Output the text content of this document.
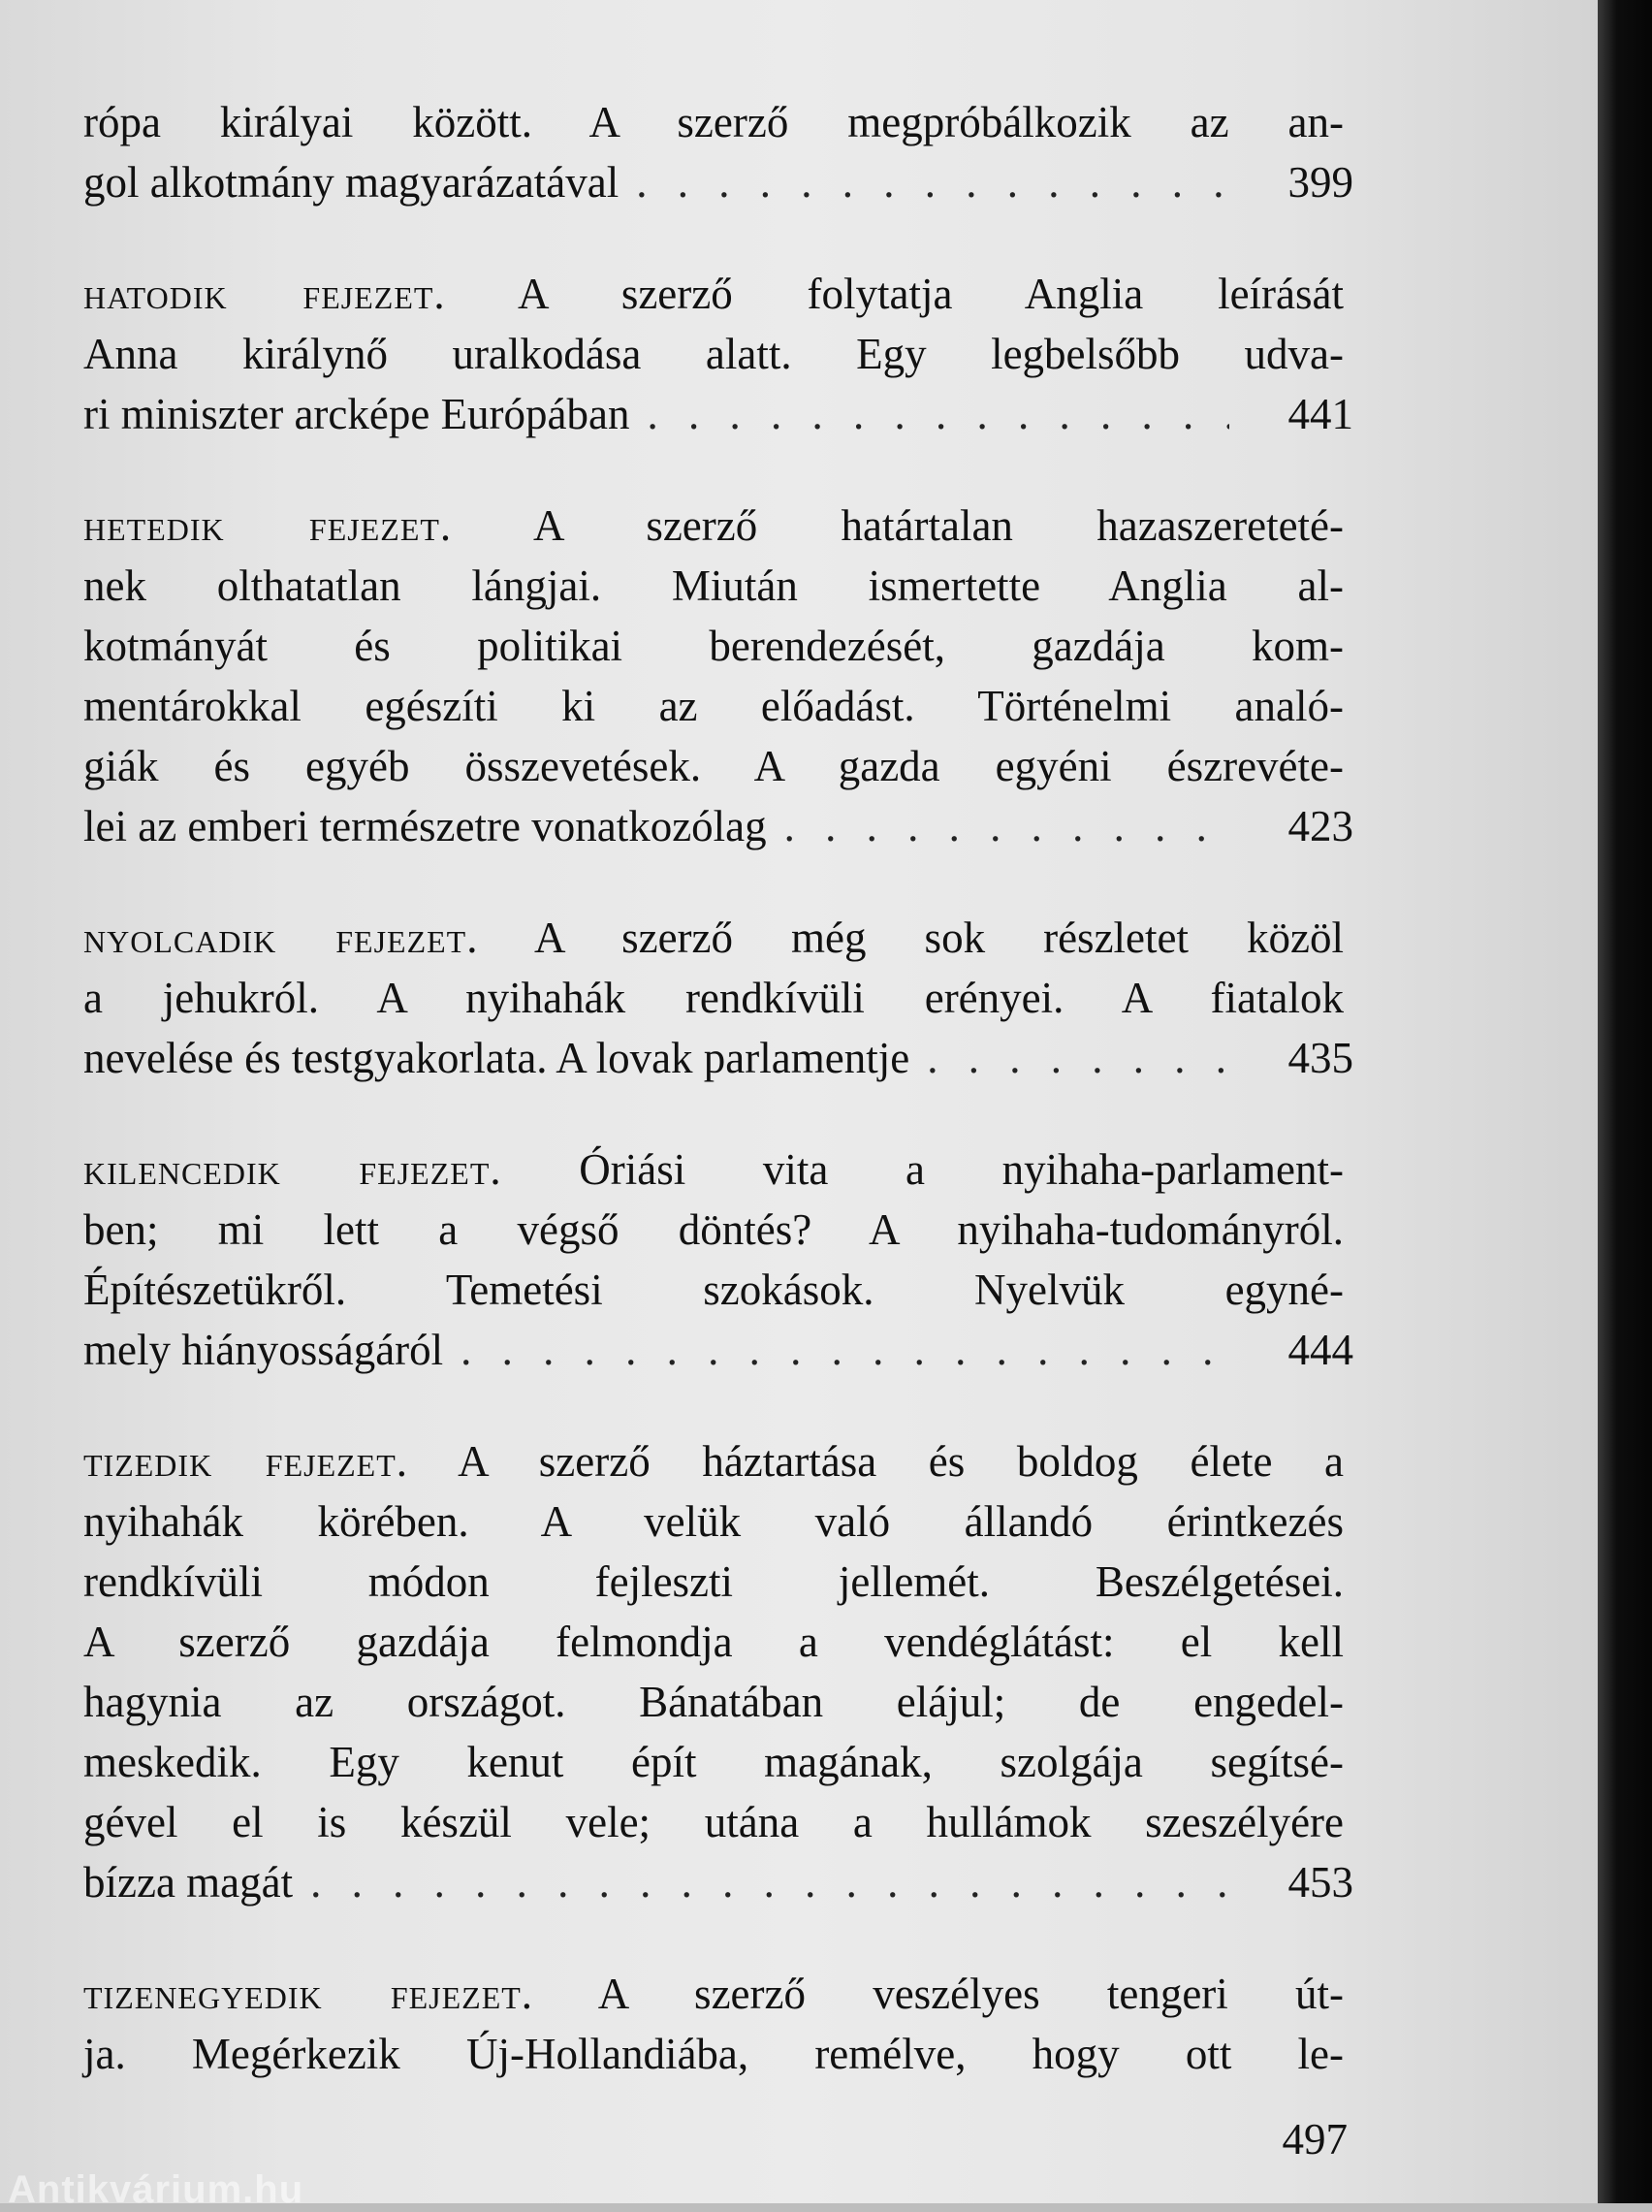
rópa királyai között. A szerző megpróbálkozik az an-
gol alkotmány magyarázatával . . .	399
hatodik fejezet. A szerző folytatja Anglia leírását
Anna királynő uralkodása alatt. Egy legbelsőbb udva-
ri miniszter arcképe Európában . . .	441
hetedik fejezet. A szerző határtalan hazaszereteté-
nek olthatatlan lángjai. Miután ismertette Anglia al-
kotmányát és politikai berendezését, gazdája kom-
mentárokkal egészíti ki az előadást. Történelmi analó-
giák és egyéb összevetések. A gazda egyéni észrevéte-
lei az emberi természetre vonatkozólag . . .	423
nyolcadik fejezet. A szerző még sok részletet közöl
a jehukról. A nyihahák rendkívüli erényei. A fiatalok
nevelése és testgyakorlata. A lovak parlamentje . . .	435
kilencedik fejezet. Óriási vita a nyihaha-parlament-
ben; mi lett a végső döntés? A nyihaha-tudományról.
Építészetükről. Temetési szokások. Nyelvük egyné-
mely hiányosságáról . . .	444
tizedik fejezet. A szerző háztartása és boldog élete a
nyihahák körében. A velük való állandó érintkezés
rendkívüli módon fejleszti jellemét. Beszélgetései.
A szerző gazdája felmondja a vendéglátást: el kell
hagynia az országot. Bánatában elájul; de engedel-
meskedik. Egy kenut épít magának, szolgája segítsé-
gével el is készül vele; utána a hullámok szeszélyére
bízza magát . . .	453
tizenegyedik fejezet. A szerző veszélyes tengeri út-
ja. Megérkezik Új-Hollandiába, remélve, hogy ott le-
497
Antikvárium.hu
